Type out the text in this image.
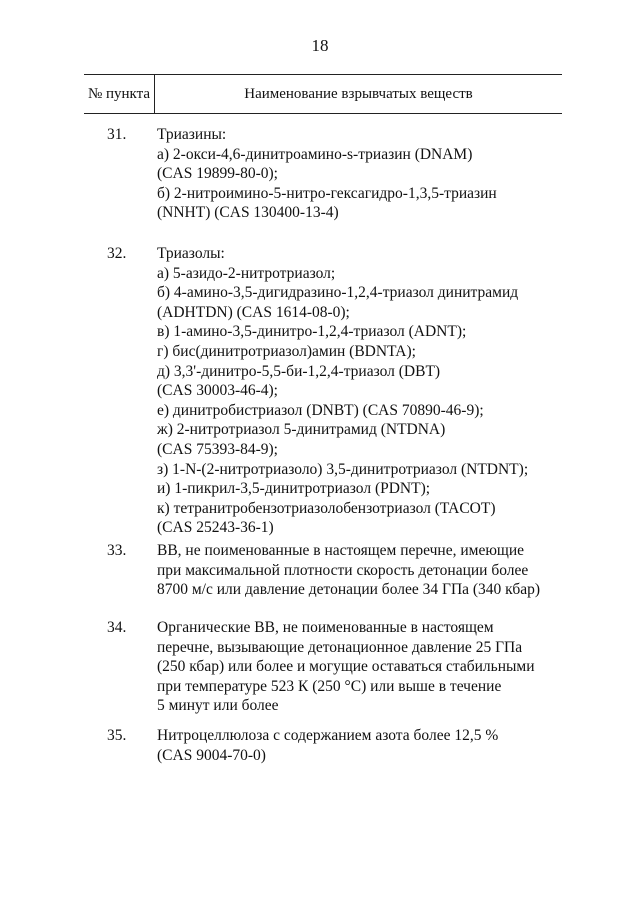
18
№ пункта	Наименование взрывчатых веществ
31. Триазины:
а) 2-окси-4,6-динитроамино-s-триазин (DNAM)
(CAS 19899-80-0);
б) 2-нитроимино-5-нитро-гексагидро-1,3,5-триазин
(NNHT) (CAS 130400-13-4)
32. Триазолы:
а) 5-азидо-2-нитротриазол;
б) 4-амино-3,5-дигидразино-1,2,4-триазол динитрамид
(ADHTDN) (CAS 1614-08-0);
в) 1-амино-3,5-динитро-1,2,4-триазол (ADNT);
г) бис(динитротриазол)амин (BDNTA);
д) 3,3'-динитро-5,5-би-1,2,4-триазол (DBT)
(CAS 30003-46-4);
е) динитробистриазол (DNBT) (CAS 70890-46-9);
ж) 2-нитротриазол 5-динитрамид (NTDNA)
(CAS 75393-84-9);
з) 1-N-(2-нитротриазоло) 3,5-динитротриазол (NTDNT);
и) 1-пикрил-3,5-динитротриазол (PDNT);
к) тетранитробензотриазолобензотриазол (TACOT)
(CAS 25243-36-1)
33. ВВ, не поименованные в настоящем перечне, имеющие
при максимальной плотности скорость детонации более
8700 м/с или давление детонации более 34 ГПа (340 кбар)
34. Органические ВВ, не поименованные в настоящем
перечне, вызывающие детонационное давление 25 ГПа
(250 кбар) или более и могущие оставаться стабильными
при температуре 523 К (250 °С) или выше в течение
5 минут или более
35. Нитроцеллюлоза с содержанием азота более 12,5 %
(CAS 9004-70-0)
